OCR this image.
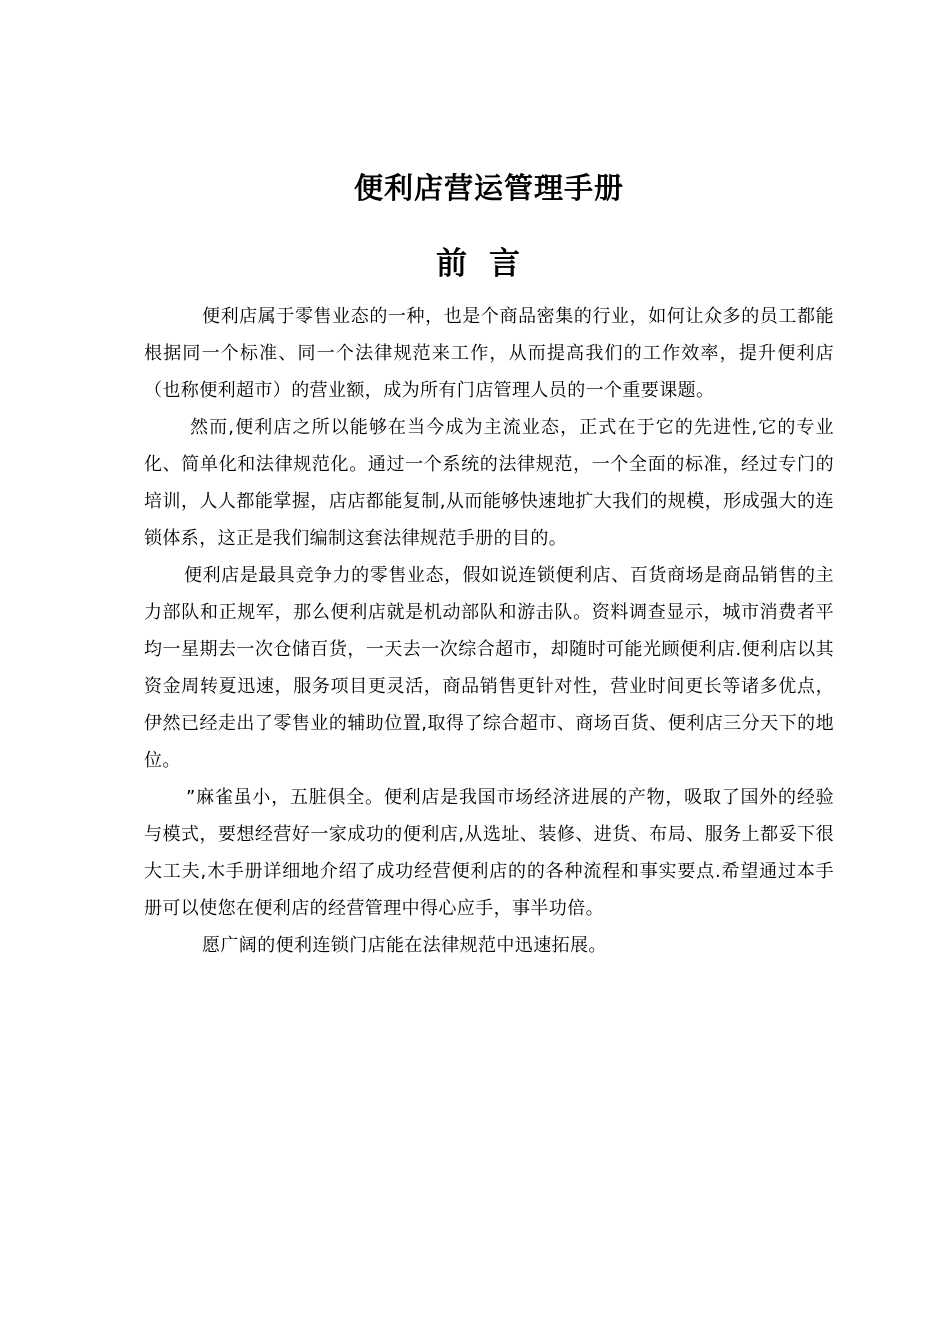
便利店营运管理手册
前言

便利店属于零售业态的一种，也是个商品密集的行业，如何让众多的员工都能根据同一个标准、同一个法律规范来工作，从而提高我们的工作效率，提升便利店（也称便利超市）的营业额，成为所有门店管理人员的一个重要课题。

然而,便利店之所以能够在当今成为主流业态，正式在于它的先进性,它的专业化、简单化和法律规范化。通过一个系统的法律规范，一个全面的标准，经过专门的培训，人人都能掌握，店店都能复制,从而能够快速地扩大我们的规模，形成强大的连锁体系，这正是我们编制这套法律规范手册的目的。

便利店是最具竞争力的零售业态，假如说连锁便利店、百货商场是商品销售的主力部队和正规军，那么便利店就是机动部队和游击队。资料调查显示，城市消费者平均一星期去一次仓储百货，一天去一次综合超市，却随时可能光顾便利店.便利店以其资金周转夏迅速，服务项目更灵活，商品销售更针对性，营业时间更长等诸多优点，伊然已经走出了零售业的辅助位置,取得了综合超市、商场百货、便利店三分天下的地位。

”麻雀虽小，五脏俱全。便利店是我国市场经济进展的产物，吸取了国外的经验与模式，要想经营好一家成功的便利店,从选址、装修、进货、布局、服务上都妥下很大工夫,木手册详细地介绍了成功经营便利店的的各种流程和事实要点.希望通过本手册可以使您在便利店的经营管理中得心应手，事半功倍。

愿广阔的便利连锁门店能在法律规范中迅速拓展。
